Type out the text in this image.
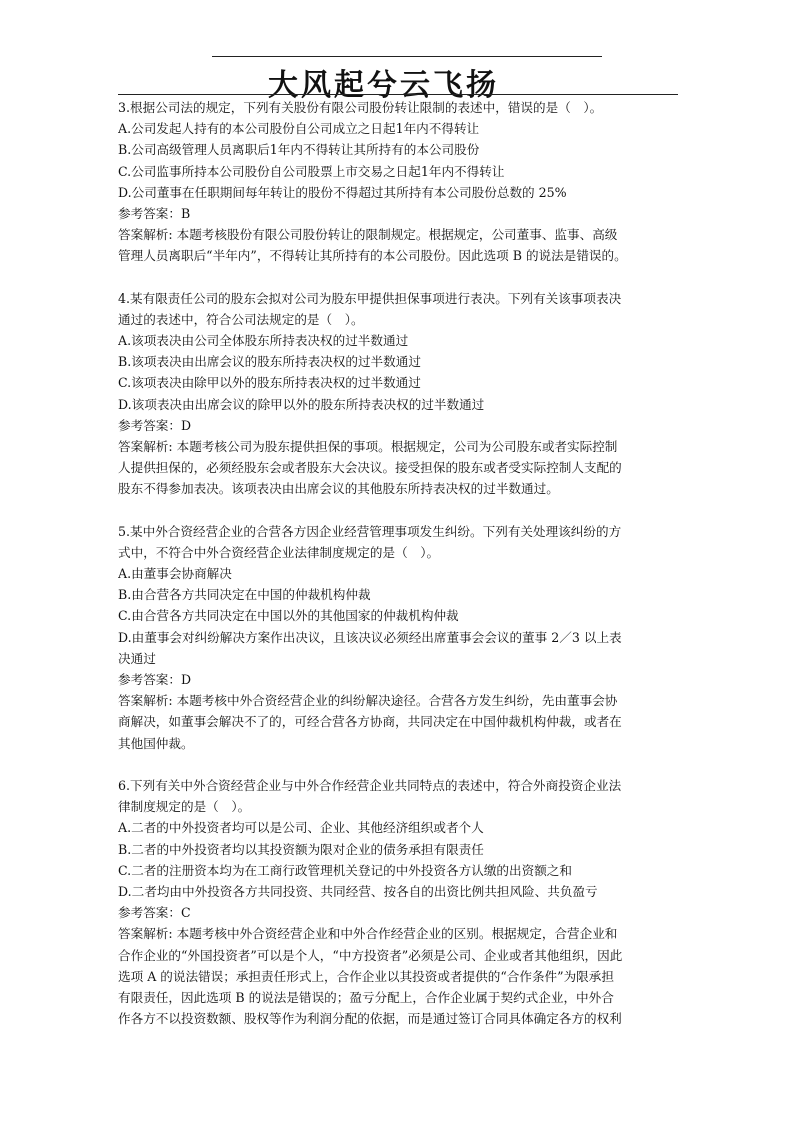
大风起兮云飞扬
3.根据公司法的规定，下列有关股份有限公司股份转让限制的表述中，错误的是（　）。
A.公司发起人持有的本公司股份自公司成立之日起1年内不得转让
B.公司高级管理人员离职后1年内不得转让其所持有的本公司股份
C.公司监事所持本公司股份自公司股票上市交易之日起1年内不得转让
D.公司董事在任职期间每年转让的股份不得超过其所持有本公司股份总数的 25%
参考答案：B
答案解析: 本题考核股份有限公司股份转让的限制规定。根据规定，公司董事、监事、高级
管理人员离职后“半年内”，不得转让其所持有的本公司股份。因此选项 B 的说法是错误的。
4.某有限责任公司的股东会拟对公司为股东甲提供担保事项进行表决。下列有关该事项表决
通过的表述中，符合公司法规定的是（　）。
A.该项表决由公司全体股东所持表决权的过半数通过
B.该项表决由出席会议的股东所持表决权的过半数通过
C.该项表决由除甲以外的股东所持表决权的过半数通过
D.该项表决由出席会议的除甲以外的股东所持表决权的过半数通过
参考答案：D
答案解析: 本题考核公司为股东提供担保的事项。根据规定，公司为公司股东或者实际控制
人提供担保的，必须经股东会或者股东大会决议。接受担保的股东或者受实际控制人支配的
股东不得参加表决。该项表决由出席会议的其他股东所持表决权的过半数通过。
5.某中外合资经营企业的合营各方因企业经营管理事项发生纠纷。下列有关处理该纠纷的方
式中，不符合中外合资经营企业法律制度规定的是（　）。
A.由董事会协商解决
B.由合营各方共同决定在中国的仲裁机构仲裁
C.由合营各方共同决定在中国以外的其他国家的仲裁机构仲裁
D.由董事会对纠纷解决方案作出决议，且该决议必须经出席董事会会议的董事 2／3 以上表
决通过
参考答案：D
答案解析: 本题考核中外合资经营企业的纠纷解决途径。合营各方发生纠纷，先由董事会协
商解决，如董事会解决不了的，可经合营各方协商，共同决定在中国仲裁机构仲裁，或者在
其他国仲裁。
6.下列有关中外合资经营企业与中外合作经营企业共同特点的表述中，符合外商投资企业法
律制度规定的是（　）。
A.二者的中外投资者均可以是公司、企业、其他经济组织或者个人
B.二者的中外投资者均以其投资额为限对企业的债务承担有限责任
C.二者的注册资本均为在工商行政管理机关登记的中外投资各方认缴的出资额之和
D.二者均由中外投资各方共同投资、共同经营、按各自的出资比例共担风险、共负盈亏
参考答案：C
答案解析: 本题考核中外合资经营企业和中外合作经营企业的区别。根据规定，合营企业和
合作企业的“外国投资者”可以是个人，“中方投资者”必须是公司、企业或者其他组织，因此
选项 A 的说法错误；承担责任形式上，合作企业以其投资或者提供的“合作条件”为限承担
有限责任，因此选项 B 的说法是错误的；盈亏分配上，合作企业属于契约式企业，中外合
作各方不以投资数额、股权等作为利润分配的依据，而是通过签订合同具体确定各方的权利
